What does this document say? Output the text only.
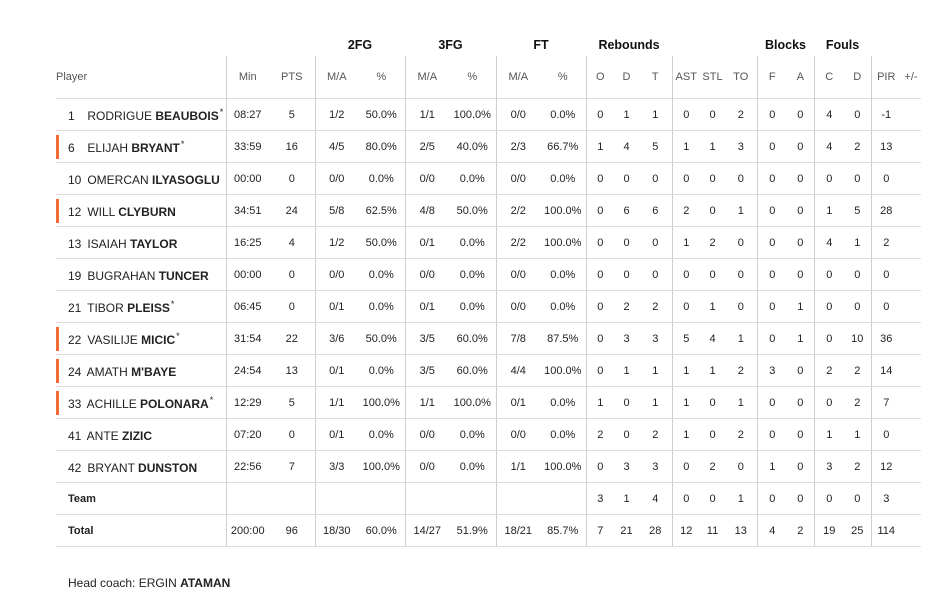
			2FG		3FG		FT		Rebounds						Blocks		Fouls			
Player	Min	PTS	M/A	%	M/A	%	M/A	%	O	D	T	AST	STL	TO	F	A	C	D	PIR	+/-
1 RODRIGUE BEAUBOIS*	08:27	5	1/2	50.0%	1/1	100.0%	0/0	0.0%	0	1	1	0	0	2	0	0	4	0	-1	

6 ELIJAH BRYANT*	33:59	16	4/5	80.0%	2/5	40.0%	2/3	66.7%	1	4	5	1	1	3	0	0	4	2	13	
10 OMERCAN ILYASOGLU	00:00	0	0/0	0.0%	0/0	0.0%	0/0	0.0%	0	0	0	0	0	0	0	0	0	0	0	

12 WILL CLYBURN	34:51	24	5/8	62.5%	4/8	50.0%	2/2	100.0%	0	6	6	2	0	1	0	0	1	5	28	
13 ISAIAH TAYLOR	16:25	4	1/2	50.0%	0/1	0.0%	2/2	100.0%	0	0	0	1	2	0	0	0	4	1	2	
19 BUGRAHAN TUNCER	00:00	0	0/0	0.0%	0/0	0.0%	0/0	0.0%	0	0	0	0	0	0	0	0	0	0	0	
21 TIBOR PLEISS*	06:45	0	0/1	0.0%	0/1	0.0%	0/0	0.0%	0	2	2	0	1	0	0	1	0	0	0	

22 VASILIJE MICIC*	31:54	22	3/6	50.0%	3/5	60.0%	7/8	87.5%	0	3	3	5	4	1	0	1	0	10	36	

24 AMATH M'BAYE	24:54	13	0/1	0.0%	3/5	60.0%	4/4	100.0%	0	1	1	1	1	2	3	0	2	2	14	

33 ACHILLE POLONARA*	12:29	5	1/1	100.0%	1/1	100.0%	0/1	0.0%	1	0	1	1	0	1	0	0	0	2	7	
41 ANTE ZIZIC	07:20	0	0/1	0.0%	0/0	0.0%	0/0	0.0%	2	0	2	1	0	2	0	0	1	1	0	
42 BRYANT DUNSTON	22:56	7	3/3	100.0%	0/0	0.0%	1/1	100.0%	0	3	3	0	2	0	1	0	3	2	12	
Team									3	1	4	0	0	1	0	0	0	0	3	
Total	200:00	96	18/30	60.0%	14/27	51.9%	18/21	85.7%	7	21	28	12	11	13	4	2	19	25	114	
Head coach: ERGIN ATAMAN
